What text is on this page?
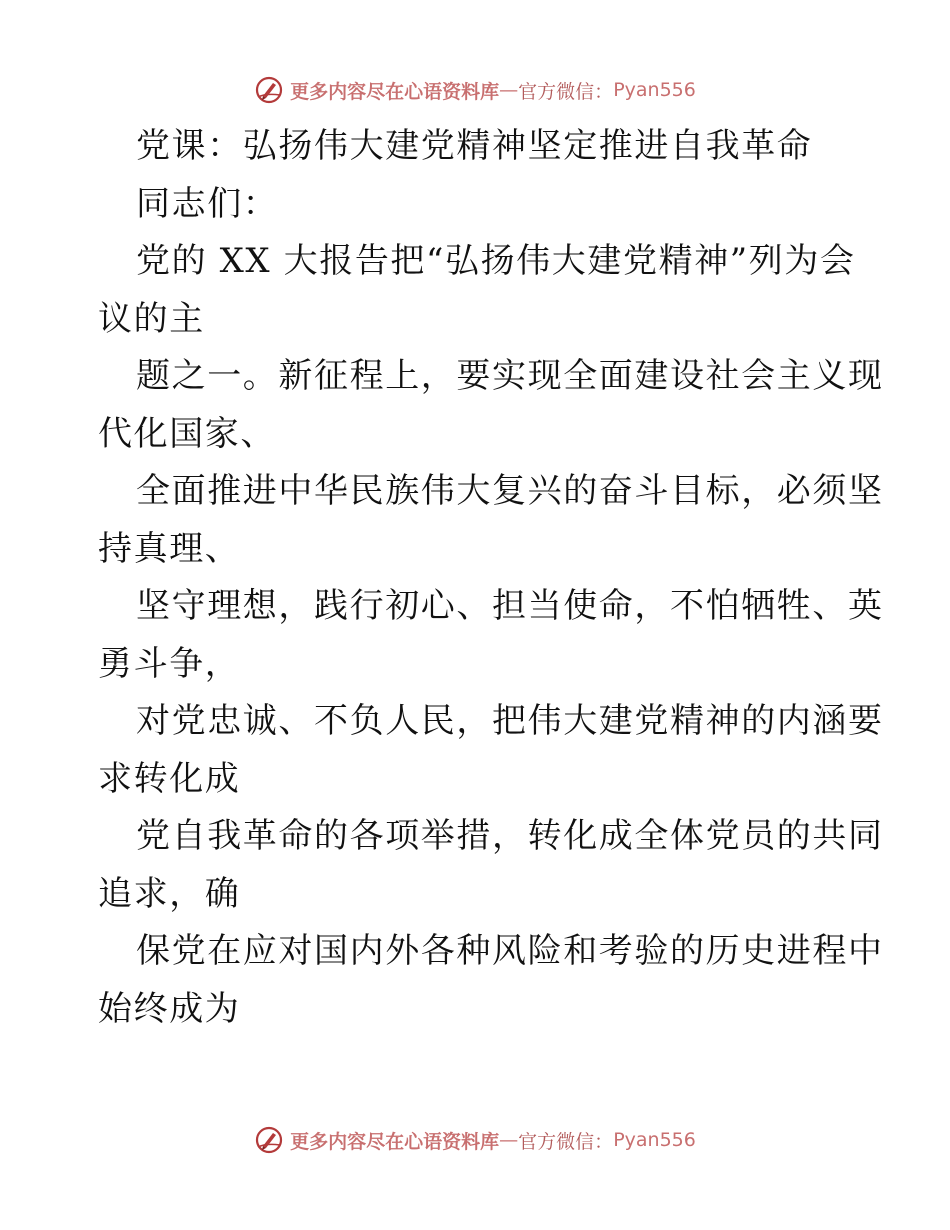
更多内容尽在心语资料库 — 官方微信： Pyan556
党课：弘扬伟大建党精神坚定推进自我革命
同志们：
党的 XX 大报告把“弘扬伟大建党精神”列为会
议的主
题之一。新征程上，要实现全面建设社会主义现
代化国家、
全面推进中华民族伟大复兴的奋斗目标，必须坚
持真理、
坚守理想，践行初心、担当使命，不怕牺牲、英
勇斗争，
对党忠诚、不负人民，把伟大建党精神的内涵要
求转化成
党自我革命的各项举措，转化成全体党员的共同
追求，确
保党在应对国内外各种风险和考验的历史进程中
始终成为
更多内容尽在心语资料库 — 官方微信： Pyan556
